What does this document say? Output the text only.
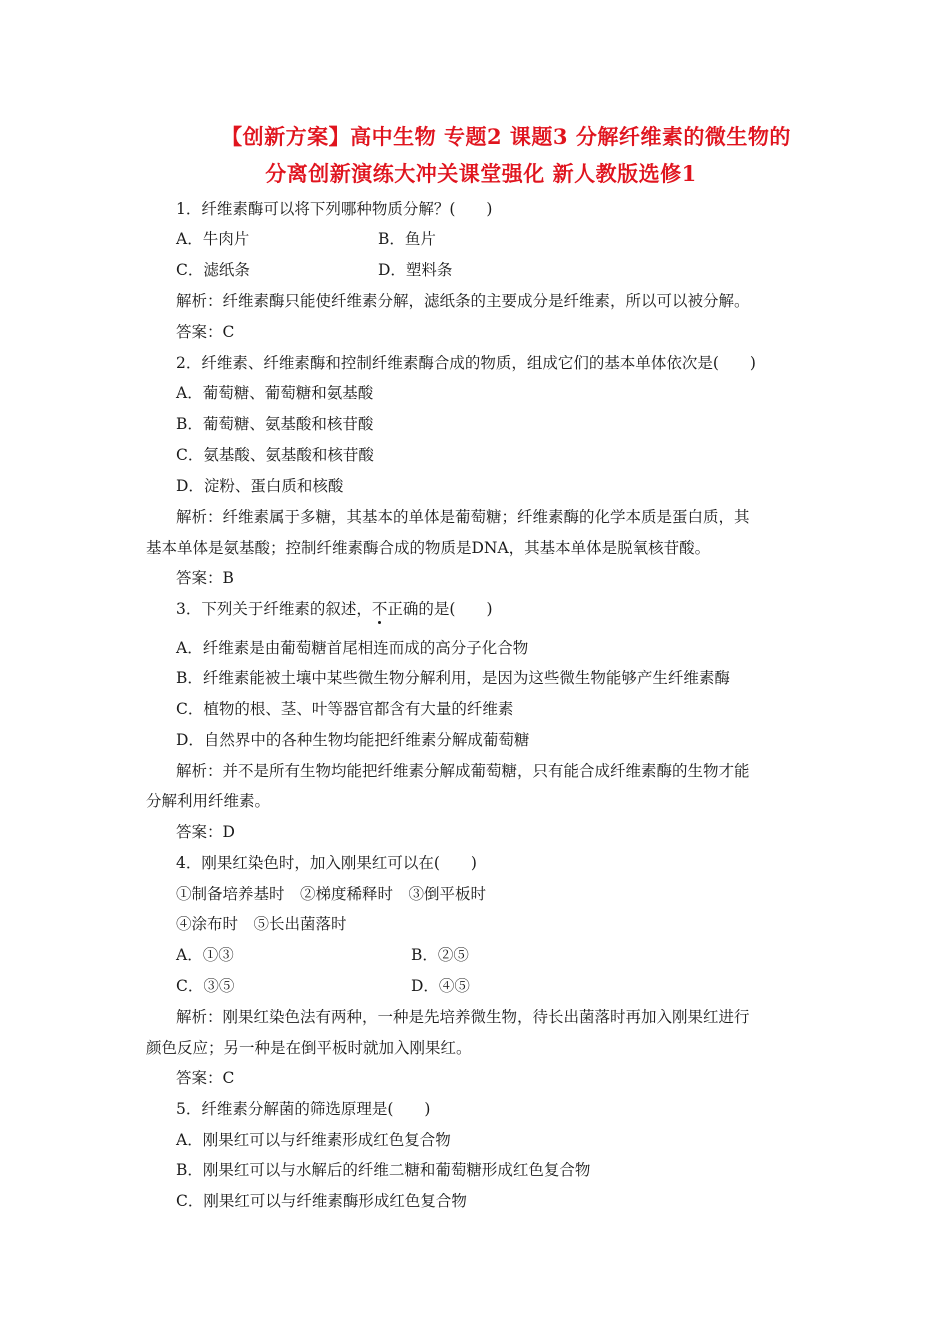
【创新方案】高中生物 专题2 课题3 分解纤维素的微生物的
分离创新演练大冲关课堂强化 新人教版选修1
1．纤维素酶可以将下列哪种物质分解？(　　)
A．牛肉片	B．鱼片
C．滤纸条	D．塑料条
解析：纤维素酶只能使纤维素分解，滤纸条的主要成分是纤维素，所以可以被分解。
答案：C
2．纤维素、纤维素酶和控制纤维素酶合成的物质，组成它们的基本单体依次是(　　)
A．葡萄糖、葡萄糖和氨基酸
B．葡萄糖、氨基酸和核苷酸
C．氨基酸、氨基酸和核苷酸
D．淀粉、蛋白质和核酸
解析：纤维素属于多糖，其基本的单体是葡萄糖；纤维素酶的化学本质是蛋白质，其
基本单体是氨基酸；控制纤维素酶合成的物质是DNA，其基本单体是脱氧核苷酸。
答案：B
3．下列关于纤维素的叙述，不正确的是(　　)
A．纤维素是由葡萄糖首尾相连而成的高分子化合物
B．纤维素能被土壤中某些微生物分解利用，是因为这些微生物能够产生纤维素酶
C．植物的根、茎、叶等器官都含有大量的纤维素
D．自然界中的各种生物均能把纤维素分解成葡萄糖
解析：并不是所有生物均能把纤维素分解成葡萄糖，只有能合成纤维素酶的生物才能
分解利用纤维素。
答案：D
4．刚果红染色时，加入刚果红可以在(　　)
①制备培养基时　②梯度稀释时　③倒平板时
④涂布时　⑤长出菌落时
A．①③	B．②⑤
C．③⑤	D．④⑤
解析：刚果红染色法有两种，一种是先培养微生物，待长出菌落时再加入刚果红进行
颜色反应；另一种是在倒平板时就加入刚果红。
答案：C
5．纤维素分解菌的筛选原理是(　　)
A．刚果红可以与纤维素形成红色复合物
B．刚果红可以与水解后的纤维二糖和葡萄糖形成红色复合物
C．刚果红可以与纤维素酶形成红色复合物
